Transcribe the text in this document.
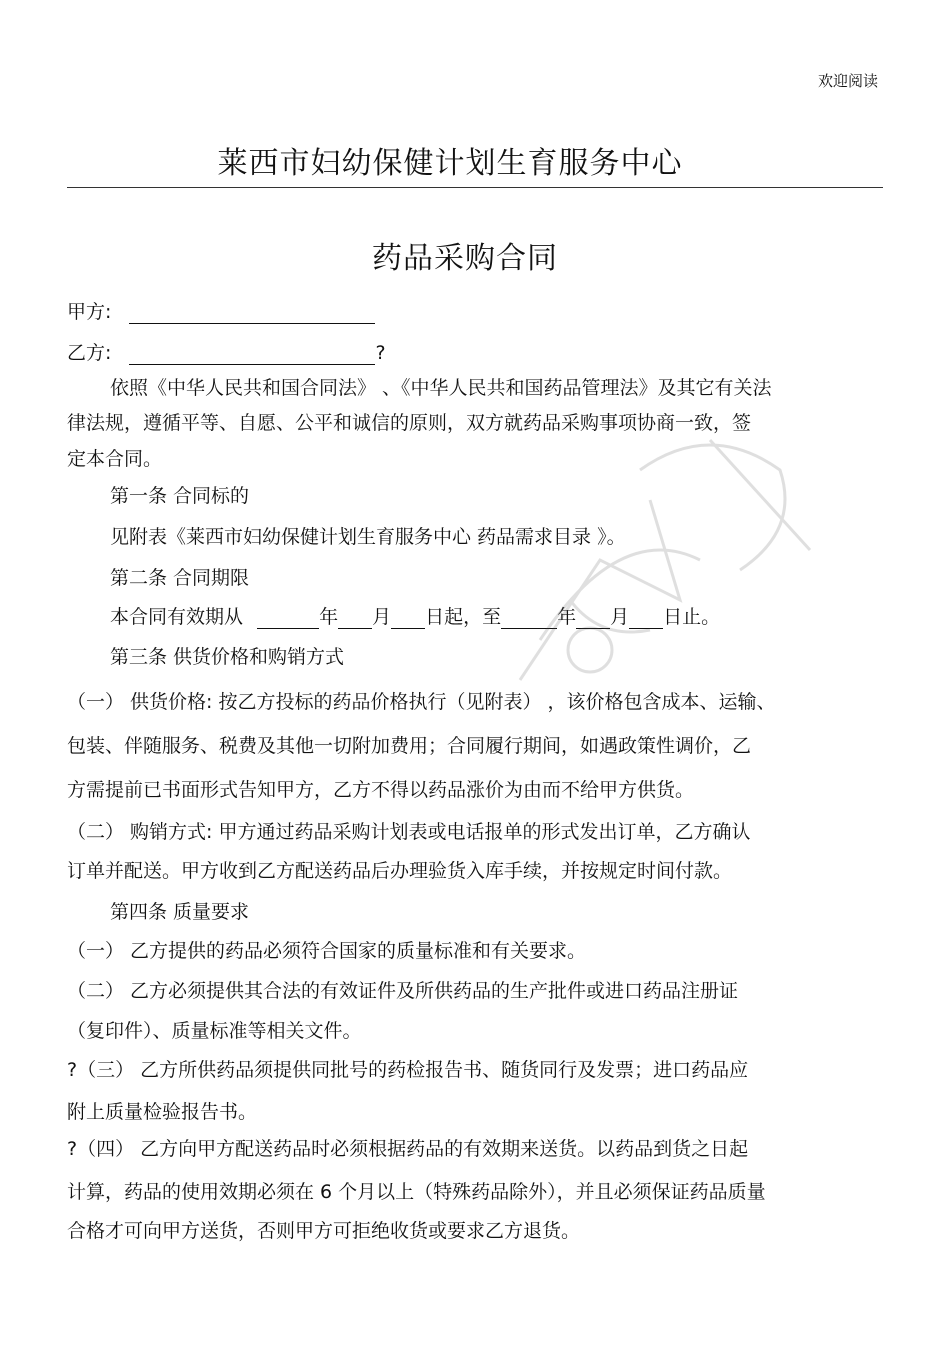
欢迎阅读
莱西市妇幼保健计划生育服务中心
药品采购合同
甲方:
乙方:	?
依照《中华人民共和国合同法》 、《中华人民共和国药品管理法》及其它有关法
律法规，遵循平等、自愿、公平和诚信的原则，双方就药品采购事项协商一致，签
定本合同。
第一条 合同标的
见附表《莱西市妇幼保健计划生育服务中心 药品需求目录 》。
第二条 合同期限
本合同有效期从	年 月 日起，至	年 月 日止。
第三条 供货价格和购销方式
（一） 供货价格: 按乙方投标的药品价格执行（见附表） ，该价格包含成本、运输、
包装、伴随服务、税费及其他一切附加费用；合同履行期间，如遇政策性调价，乙
方需提前已书面形式告知甲方，乙方不得以药品涨价为由而不给甲方供货。
（二） 购销方式: 甲方通过药品采购计划表或电话报单的形式发出订单，乙方确认
订单并配送。甲方收到乙方配送药品后办理验货入库手续，并按规定时间付款。
第四条 质量要求
（一） 乙方提供的药品必须符合国家的质量标准和有关要求。
（二） 乙方必须提供其合法的有效证件及所供药品的生产批件或进口药品注册证
（复印件）、质量标准等相关文件。
?（三） 乙方所供药品须提供同批号的药检报告书、随货同行及发票；进口药品应
附上质量检验报告书。
?（四） 乙方向甲方配送药品时必须根据药品的有效期来送货。以药品到货之日起
计算，药品的使用效期必须在 6 个月以上（特殊药品除外），并且必须保证药品质量
合格才可向甲方送货，否则甲方可拒绝收货或要求乙方退货。
